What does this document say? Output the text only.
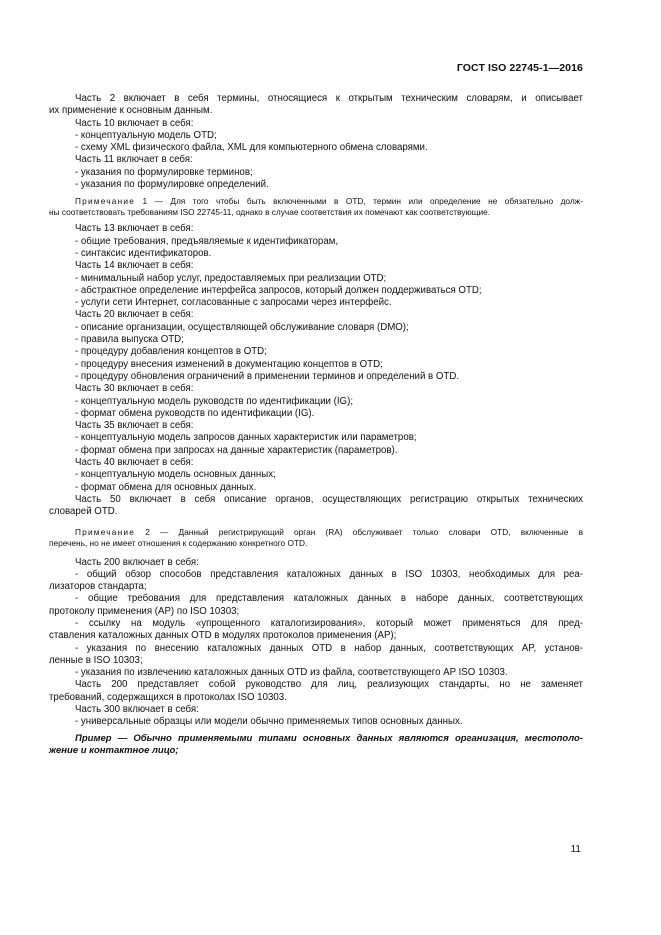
ГОСТ ISO 22745-1—2016
Часть 2 включает в себя термины, относящиеся к открытым техническим словарям, и описывает
их применение к основным данным.
Часть 10 включает в себя:
- концептуальную модель OTD;
- схему XML физического файла, XML для компьютерного обмена словарями.
Часть 11 включает в себя:
- указания по формулировке терминов;
- указания по формулировке определений.
Примечание 1 — Для того чтобы быть включенными в OTD, термин или определение не обязательно долж-
ны соответствовать требованиям ISO 22745-11, однако в случае соответствия их помечают как соответствующие.
Часть 13 включает в себя:
- общие требования, предъявляемые к идентификаторам,
- синтаксис идентификаторов.
Часть 14 включает в себя:
- минимальный набор услуг, предоставляемых при реализации OTD;
- абстрактное определение интерфейса запросов, который должен поддерживаться OTD;
- услуги сети Интернет, согласованные с запросами через интерфейс.
Часть 20 включает в себя:
- описание организации, осуществляющей обслуживание словаря (DMO);
- правила выпуска OTD;
- процедуру добавления концептов в OTD;
- процедуру внесения изменений в документацию концептов в OTD;
- процедуру обновления ограничений в применении терминов и определений в OTD.
Часть 30 включает в себя:
- концептуальную модель руководств по идентификации (IG);
- формат обмена руководств по идентификации (IG).
Часть 35 включает в себя:
- концептуальную модель запросов данных характеристик или параметров;
- формат обмена при запросах на данные характеристик (параметров).
Часть 40 включает в себя:
- концептуальную модель основных данных;
- формат обмена для основных данных.
Часть 50 включает в себя описание органов, осуществляющих регистрацию открытых технических
словарей OTD.
Примечание 2 — Данный регистрирующий орган (RA) обслуживает только словари OTD, включенные в
перечень, но не имеет отношения к содержанию конкретного OTD.
Часть 200 включает в себя:
- общий обзор способов представления каталожных данных в ISO 10303, необходимых для реа-
лизаторов стандарта;
- общие требования для представления каталожных данных в наборе данных, соответствующих
протоколу применения (AP) по ISO 10303;
- ссылку на модуль «упрощенного каталогизирования», который может применяться для пред-
ставления каталожных данных OTD в модулях протоколов применения (AP);
- указания по внесению каталожных данных OTD в набор данных, соответствующих AP, установ-
ленные в ISO 10303;
- указания по извлечению каталожных данных OTD из файла, соответствующего AP ISO 10303.
Часть 200 представляет собой руководство для лиц, реализующих стандарты, но не заменяет
требований, содержащихся в протоколах ISO 10303.
Часть 300 включает в себя:
- универсальные образцы или модели обычно применяемых типов основных данных.
Пример — Обычно применяемыми типами основных данных являются организация, местополо-
жение и контактное лицо;
11
